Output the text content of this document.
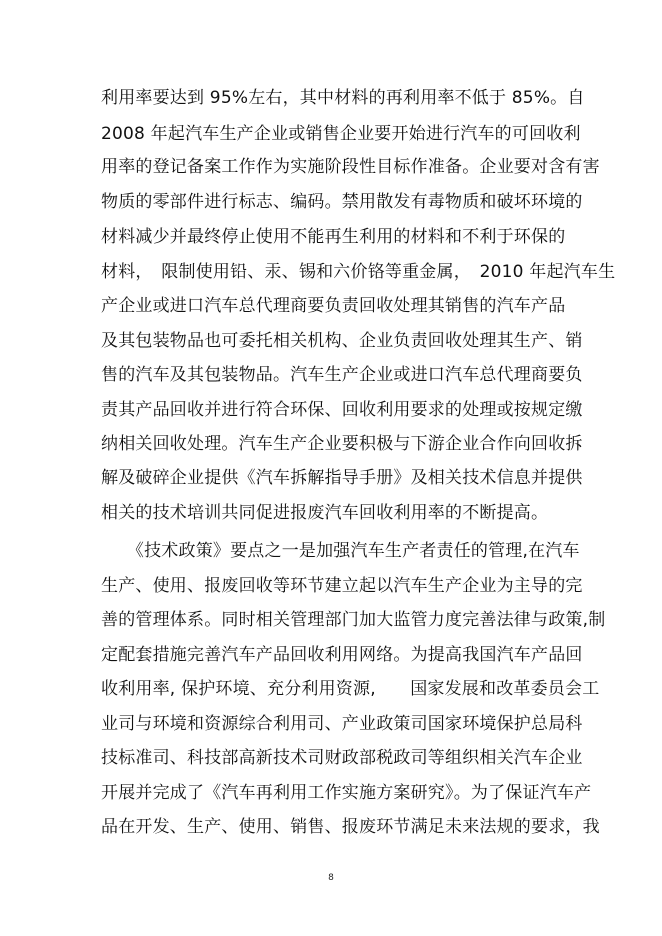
利用率要达到 95%左右，其中材料的再利用率不低于 85%。自
2008 年起汽车生产企业或销售企业要开始进行汽车的可回收利
用率的登记备案工作作为实施阶段性目标作准备。企业要对含有害
物质的零部件进行标志、编码。禁用散发有毒物质和破坏环境的
材料减少并最终停止使用不能再生利用的材料和不利于环保的
材料，　限制使用铅、汞、锡和六价铬等重金属，　2010 年起汽车生
产企业或进口汽车总代理商要负责回收处理其销售的汽车产品
及其包装物品也可委托相关机构、企业负责回收处理其生产、销
售的汽车及其包装物品。汽车生产企业或进口汽车总代理商要负
责其产品回收并进行符合环保、回收利用要求的处理或按规定缴
纳相关回收处理。汽车生产企业要积极与下游企业合作向回收拆
解及破碎企业提供《汽车拆解指导手册》及相关技术信息并提供
相关的技术培训共同促进报废汽车回收利用率的不断提高。
　　《技术政策》要点之一是加强汽车生产者责任的管理,在汽车
生产、使用、报废回收等环节建立起以汽车生产企业为主导的完
善的管理体系。同时相关管理部门加大监管力度完善法律与政策,制
定配套措施完善汽车产品回收利用网络。为提高我国汽车产品回
收利用率, 保护环境、充分利用资源,　　国家发展和改革委员会工
业司与环境和资源综合利用司、产业政策司国家环境保护总局科
技标准司、科技部高新技术司财政部税政司等组织相关汽车企业
开展并完成了《汽车再利用工作实施方案研究》。为了保证汽车产
品在开发、生产、使用、销售、报废环节满足未来法规的要求，我
8
